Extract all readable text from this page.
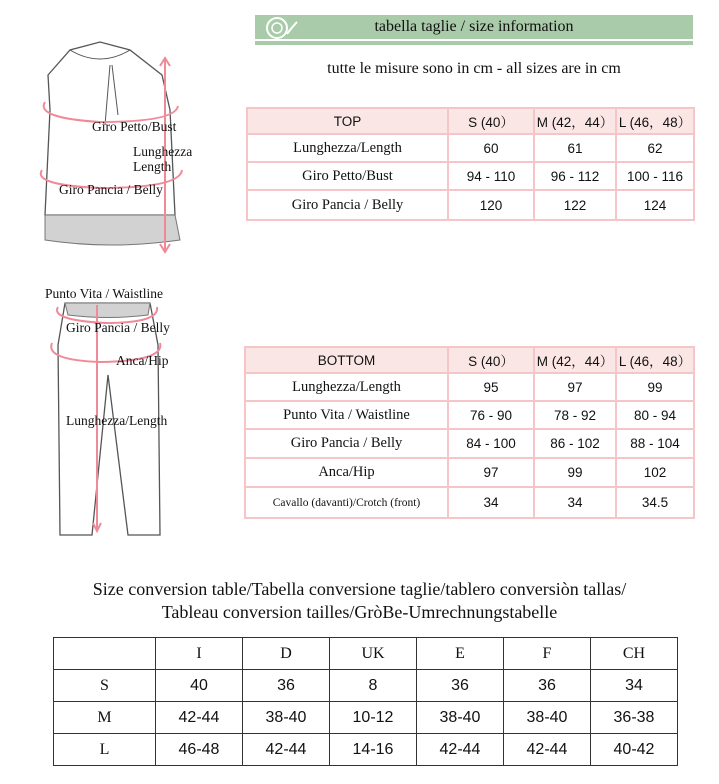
tabella taglie / size information
tutte le misure sono in cm - all sizes are in cm
Giro Petto/Bust
Lunghezza
Length
Giro Pancia / Belly
Punto Vita / Waistline
Giro Pancia / Belly
Anca/Hip
Lunghezza/Length
TOP	S (40）	M (42，44）	L (46，48）
Lunghezza/Length	60	61	62
Giro Petto/Bust	94 - 110	96 - 112	100 - 116
Giro Pancia / Belly	120	122	124
BOTTOM	S (40）	M (42，44）	L (46，48）
Lunghezza/Length	95	97	99
Punto Vita / Waistline	76 - 90	78 - 92	80 - 94
Giro Pancia / Belly	84 - 100	86 - 102	88 - 104
Anca/Hip	97	99	102
Cavallo (davanti)/Crotch (front)	34	34	34.5
Size conversion table/Tabella conversione taglie/tablero conversiòn tallas/
Tableau conversion tailles/GròBe-Umrechnungstabelle
	I	D	UK	E	F	CH
S	40	36	8	36	36	34
M	42-44	38-40	10-12	38-40	38-40	36-38
L	46-48	42-44	14-16	42-44	42-44	40-42
